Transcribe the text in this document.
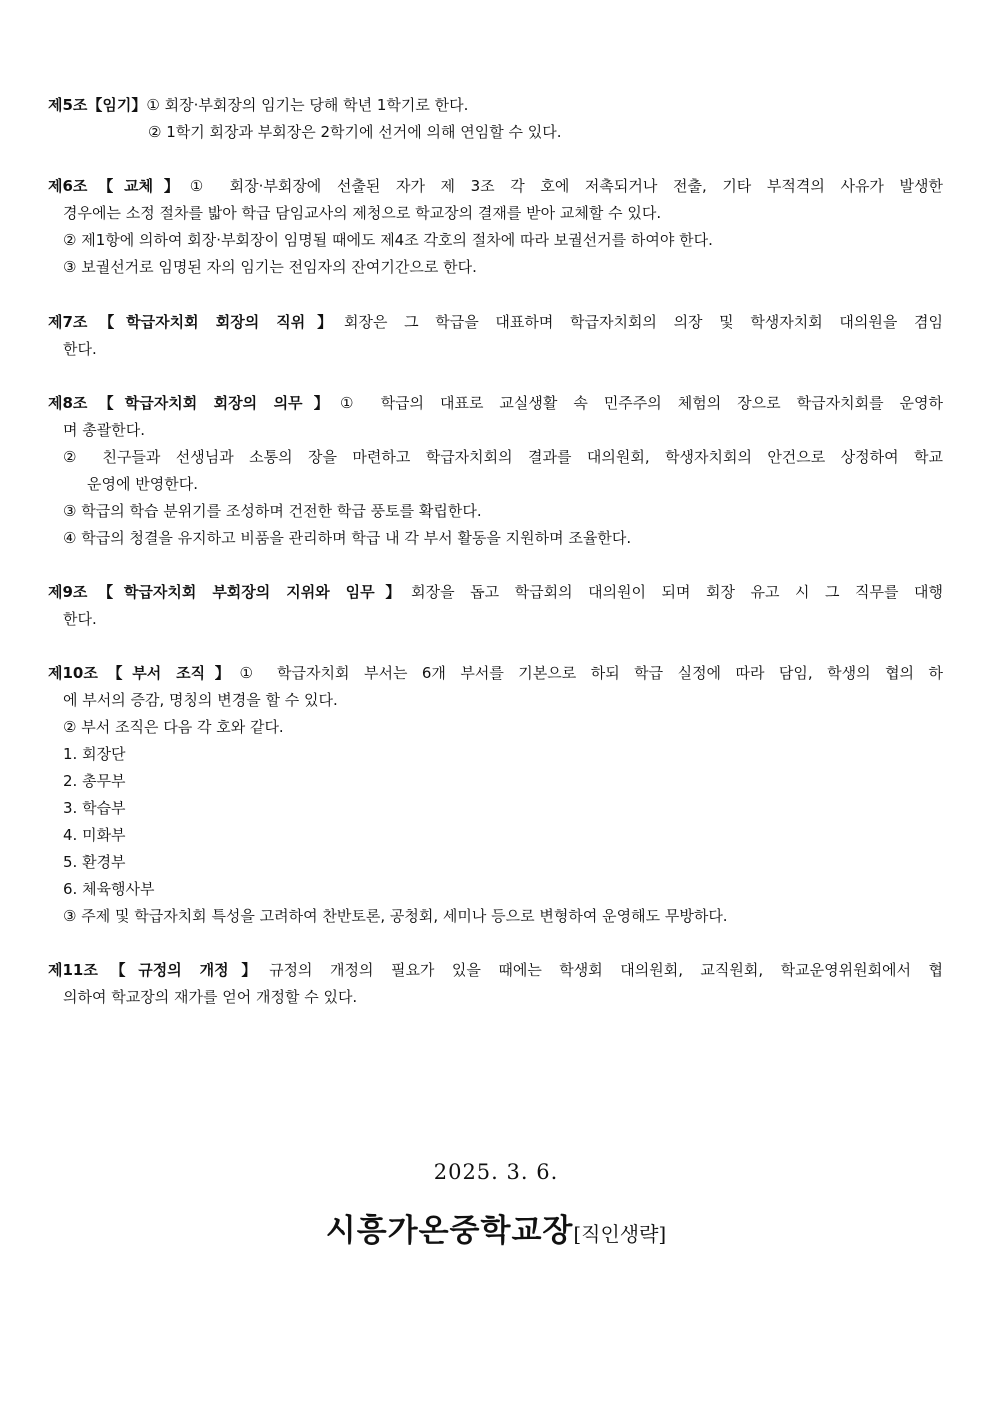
제5조【임기】① 회장·부회장의 임기는 당해 학년 1학기로 한다.
② 1학기 회장과 부회장은 2학기에 선거에 의해 연임할 수 있다.
제6조【교체】① 회장·부회장에 선출된 자가 제 3조 각 호에 저촉되거나 전출, 기타 부적격의 사유가 발생한
경우에는 소정 절차를 밟아 학급 담임교사의 제청으로 학교장의 결재를 받아 교체할 수 있다.
② 제1항에 의하여 회장·부회장이 임명될 때에도 제4조 각호의 절차에 따라 보궐선거를 하여야 한다.
③ 보궐선거로 임명된 자의 임기는 전임자의 잔여기간으로 한다.
제7조【학급자치회 회장의 직위】회장은 그 학급을 대표하며 학급자치회의 의장 및 학생자치회 대의원을 겸임
한다.
제8조【학급자치회 회장의 의무】① 학급의 대표로 교실생활 속 민주주의 체험의 장으로 학급자치회를 운영하
며 총괄한다.
② 친구들과 선생님과 소통의 장을 마련하고 학급자치회의 결과를 대의원회, 학생자치회의 안건으로 상정하여 학교
운영에 반영한다.
③ 학급의 학습 분위기를 조성하며 건전한 학급 풍토를 확립한다.
④ 학급의 청결을 유지하고 비품을 관리하며 학급 내 각 부서 활동을 지원하며 조율한다.
제9조【학급자치회 부회장의 지위와 임무】회장을 돕고 학급회의 대의원이 되며 회장 유고 시 그 직무를 대행
한다.
제10조【부서 조직】① 학급자치회 부서는 6개 부서를 기본으로 하되 학급 실정에 따라 담임, 학생의 협의 하
에 부서의 증감, 명칭의 변경을 할 수 있다.
② 부서 조직은 다음 각 호와 같다.
1. 회장단
2. 총무부
3. 학습부
4. 미화부
5. 환경부
6. 체육행사부
③ 주제 및 학급자치회 특성을 고려하여 찬반토론, 공청회, 세미나 등으로 변형하여 운영해도 무방하다.
제11조【규정의 개정】규정의 개정의 필요가 있을 때에는 학생회 대의원회, 교직원회, 학교운영위원회에서 협
의하여 학교장의 재가를 얻어 개정할 수 있다.
2025. 3. 6.
시흥가온중학교장[직인생략]
